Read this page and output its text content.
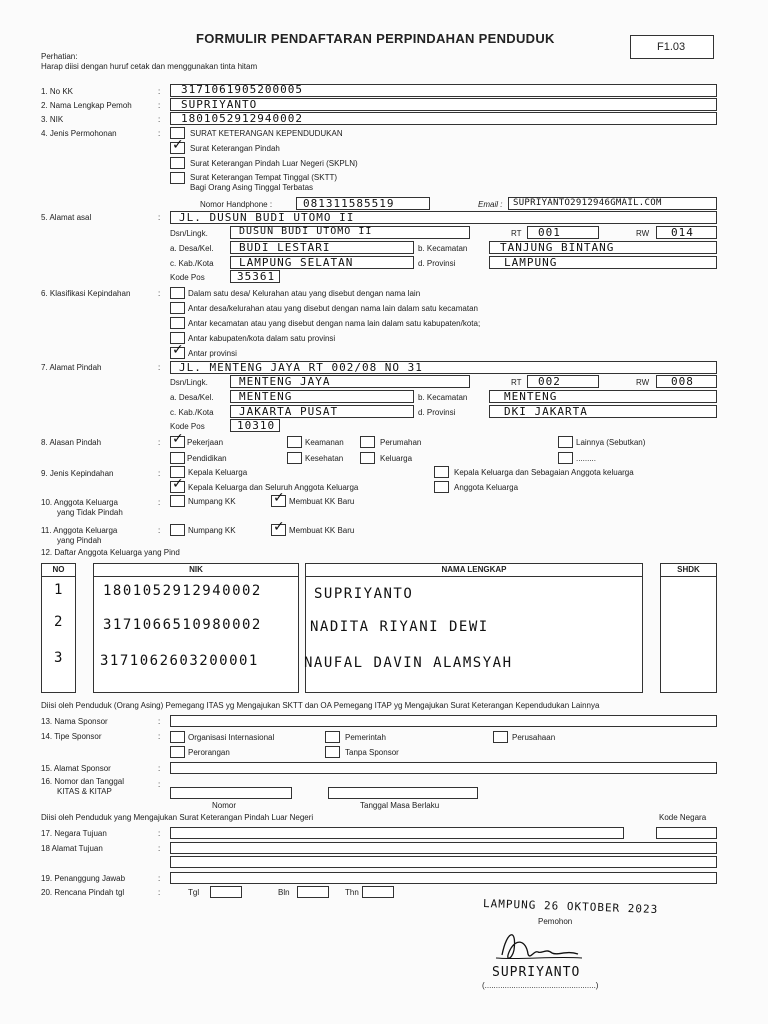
FORMULIR PENDAFTARAN PERPINDAHAN PENDUDUK
F1.03
Perhatian:
Harap diisi dengan huruf cetak dan menggunakan tinta hitam
1. No KK	: 3171061905200005
2. Nama Lengkap Pemoh	: SUPRIYANTO
3. NIK	: 1801052912940002
4. Jenis Permohonan	:	SURAT KETERANGAN KEPENDUDUKAN
✓ Surat Keterangan Pindah
Surat Keterangan Pindah Luar Negeri (SKPLN)
Surat Keterangan Tempat Tinggal (SKTT)
Bagi Orang Asing Tinggal Terbatas
Nomor Handphone :	081311585519	Email : SUPRIYANTO2912946GMAIL.COM
5. Alamat asal	: JL. DUSUN BUDI UTOMO II
Dsn/Lingk.	DUSUN BUDI UTOMO II	RT 001	RW 014
a. Desa/Kel. BUDI LESTARI	b. Kecamatan	TANJUNG BINTANG
c. Kab./Kota LAMPUNG SELATAN	d. Provinsi	LAMPUNG
Kode Pos	35361
6. Klasifikasi Kepindahan	:	Dalam satu desa/ Kelurahan atau yang disebut dengan nama lain
Antar desa/kelurahan atau yang disebut dengan nama lain dalam satu kecamatan
Antar kecamatan atau yang disebut dengan nama lain dalam satu kabupaten/kota;
Antar kabupaten/kota dalam satu provinsi
✓ Antar provinsi
7. Alamat Pindah	: JL. MENTENG JAYA RT 002/08 NO 31
Dsn/Lingk.	MENTENG JAYA	RT 002	RW 008
a. Desa/Kel. MENTENG	b. Kecamatan	MENTENG
c. Kab./Kota JAKARTA PUSAT	d. Provinsi	DKI JAKARTA
Kode Pos	10310
8. Alasan Pindah	: ✓ Pekerjaan	Keamanan	Perumahan	Lainnya (Sebutkan)
Pendidikan	Kesehatan	Keluarga	.........
9. Jenis Kepindahan	:	Kepala Keluarga
✓ Kepala Keluarga dan Seluruh Anggota Keluarga
Kepala Keluarga dan Sebagaian Anggota keluarga
Anggota Keluarga
10. Anggota Keluarga
yang Tidak Pindah
:	Numpang KK	✓ Membuat KK Baru
11. Anggota Keluarga
yang Pindah
:	Numpang KK	✓ Membuat KK Baru
12. Daftar Anggota Keluarga yang Pind
NO	NIK	NAMA LENGKAP	SHDK
1	1801052912940002	SUPRIYANTO
2	3171066510980002	NADITA RIYANI DEWI
3	3171062603200001	NAUFAL DAVIN ALAMSYAH
Diisi oleh Penduduk (Orang Asing) Pemegang ITAS yg Mengajukan SKTT dan OA Pemegang ITAP yg Mengajukan Surat Keterangan Kependudukan Lainnya
13. Nama Sponsor	:
14. Tipe Sponsor	:	Organisasi Internasional	Pemerintah	Perusahaan
Perorangan	Tanpa Sponsor
15. Alamat Sponsor	:
16. Nomor dan Tanggal
KITAS & KITAP
:
Nomor	Tanggal Masa Berlaku
Diisi oleh Penduduk yang Mengajukan Surat Keterangan Pindah Luar Negeri	Kode Negara
17. Negara Tujuan	:
18 Alamat Tujuan	:
19. Penanggung Jawab	:
20. Rencana Pindah tgl	:	Tgl	Bln	Thn
LAMPUNG 26 OKTOBER 2023
Pemohon
SUPRIYANTO
(..................................................)
